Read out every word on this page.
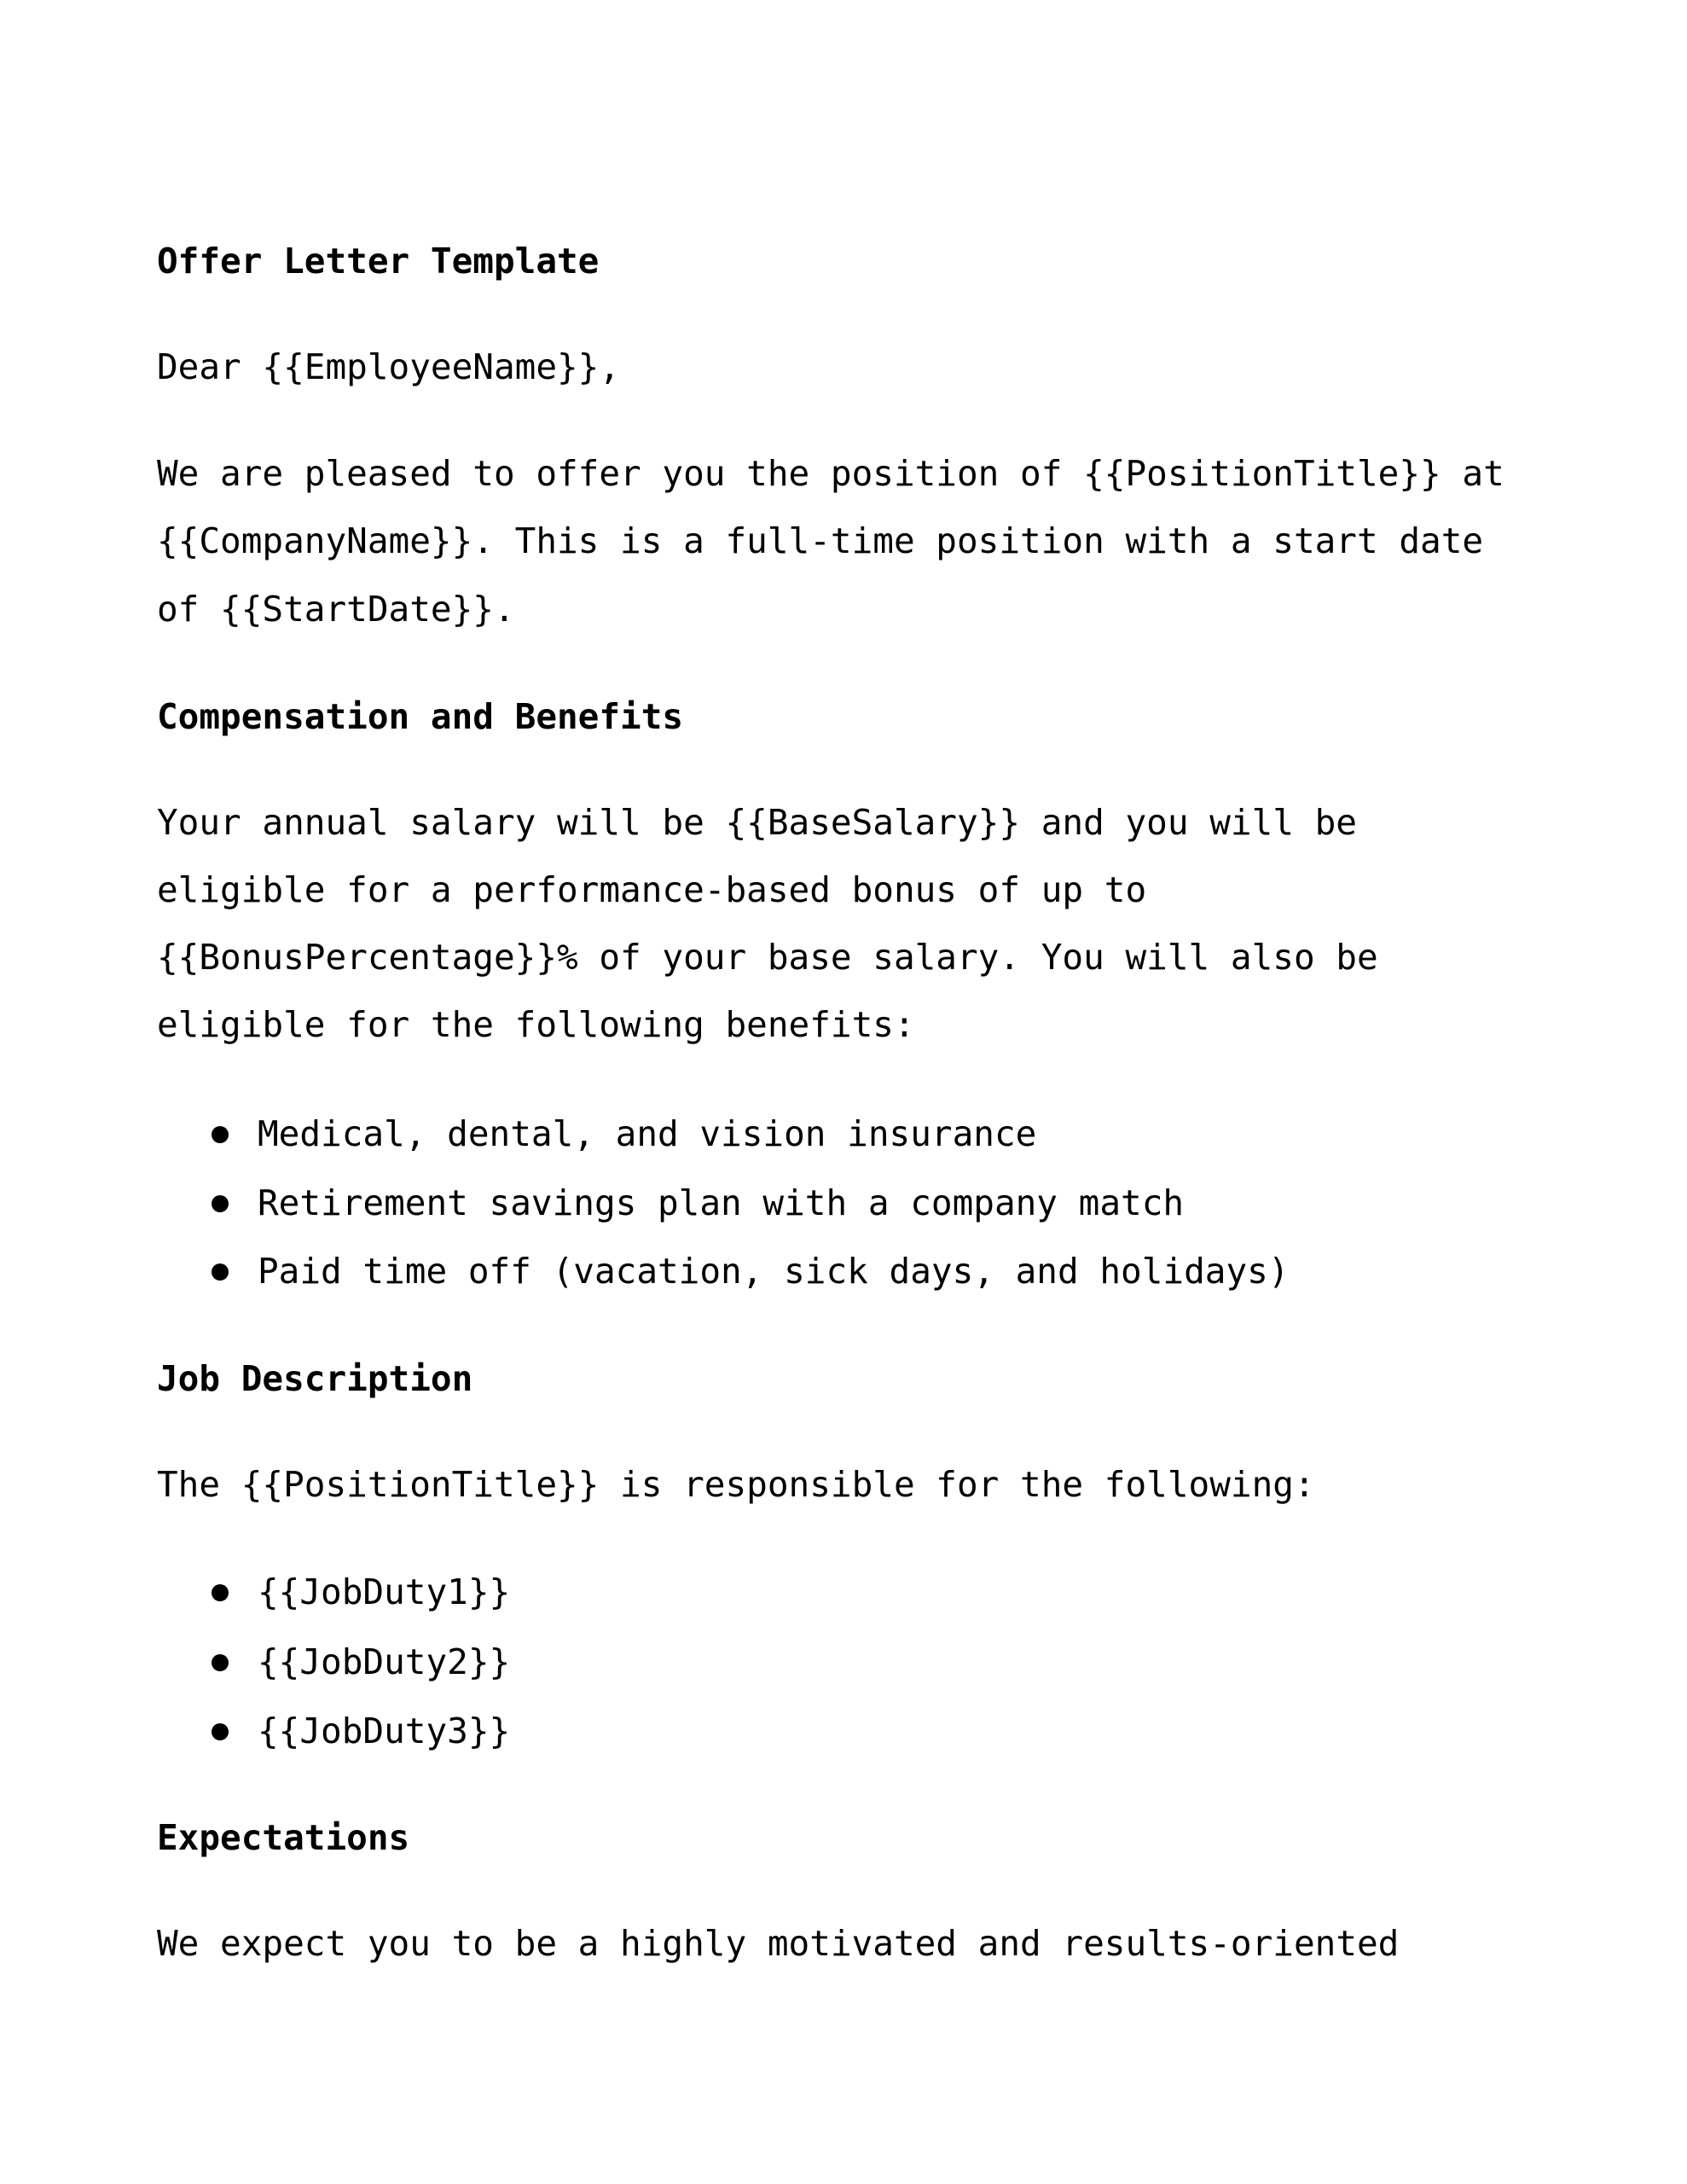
Offer Letter Template
Dear {{EmployeeName}},
We are pleased to offer you the position of {{PositionTitle}} at
{{CompanyName}}. This is a full-time position with a start date
of {{StartDate}}.
Compensation and Benefits
Your annual salary will be {{BaseSalary}} and you will be
eligible for a performance-based bonus of up to
{{BonusPercentage}}% of your base salary. You will also be
eligible for the following benefits:
Medical, dental, and vision insurance
Retirement savings plan with a company match
Paid time off (vacation, sick days, and holidays)
Job Description
The {{PositionTitle}} is responsible for the following:
{{JobDuty1}}
{{JobDuty2}}
{{JobDuty3}}
Expectations
We expect you to be a highly motivated and results-oriented
